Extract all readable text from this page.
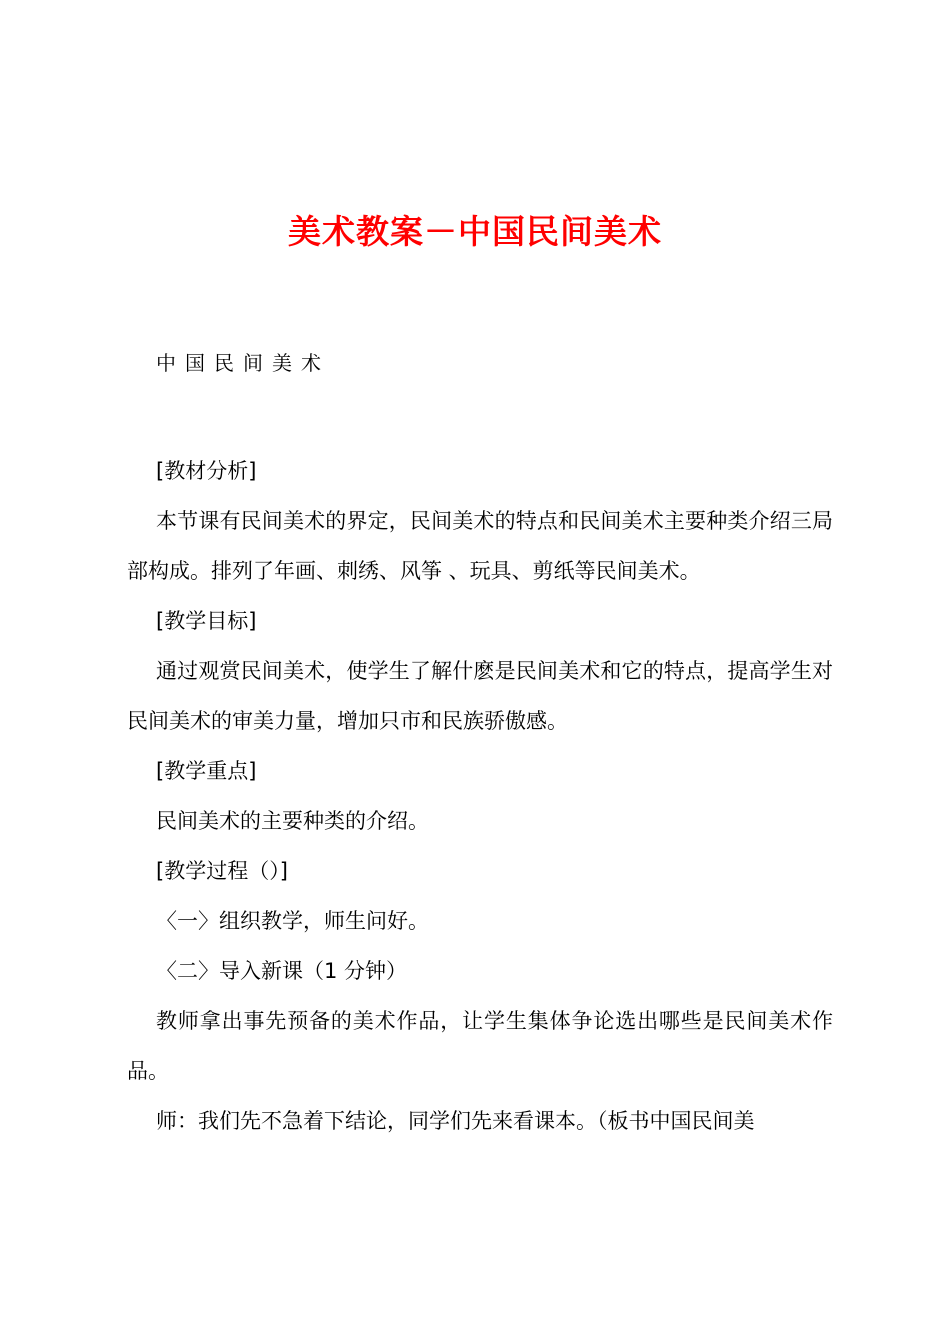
美术教案－中国民间美术

中国民间美术

[教材分析]

本节课有民间美术的界定，民间美术的特点和民间美术主要种类介绍三局部构成。排列了年画、刺绣、风筝 、玩具、剪纸等民间美术。

[教学目标]

通过观赏民间美术，使学生了解什麽是民间美术和它的特点，提高学生对民间美术的审美力量，增加只市和民族骄傲感。

[教学重点]

民间美术的主要种类的介绍。

[教学过程（）]

〈一〉组织教学，师生问好。

〈二〉导入新课（1 分钟）

教师拿出事先预备的美术作品，让学生集体争论选出哪些是民间美术作品。

师：我们先不急着下结论，同学们先来看课本。（板书中国民间美
